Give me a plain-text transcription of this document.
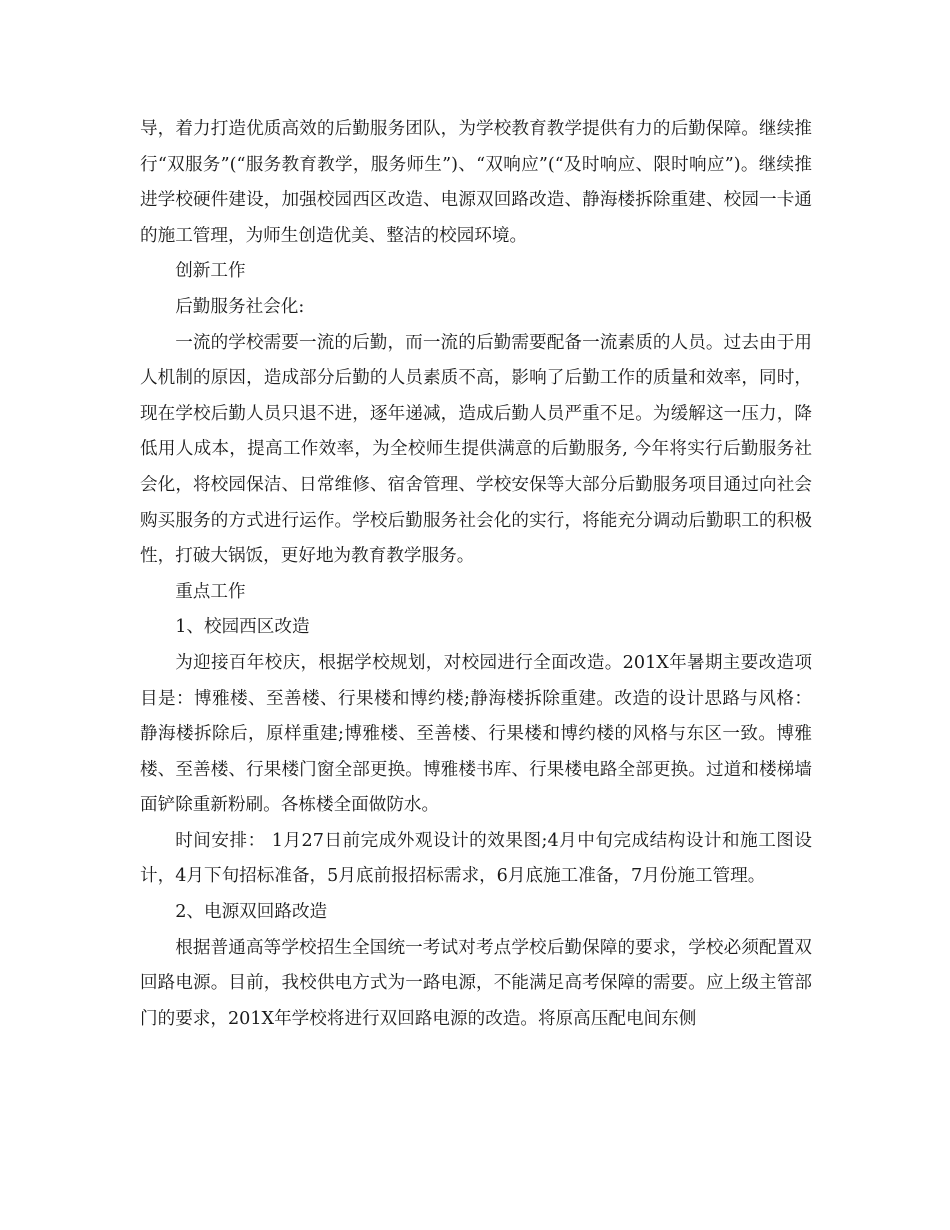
导，着力打造优质高效的后勤服务团队，为学校教育教学提供有力的后勤保障。继续推行“双服务”(“服务教育教学，服务师生”)、“双响应”(“及时响应、限时响应”)。继续推进学校硬件建设，加强校园西区改造、电源双回路改造、静海楼拆除重建、校园一卡通的施工管理，为师生创造优美、整洁的校园环境。

创新工作

后勤服务社会化:

一流的学校需要一流的后勤，而一流的后勤需要配备一流素质的人员。过去由于用人机制的原因，造成部分后勤的人员素质不高，影响了后勤工作的质量和效率，同时，现在学校后勤人员只退不进，逐年递减，造成后勤人员严重不足。为缓解这一压力，降低用人成本，提高工作效率，为全校师生提供满意的后勤服务, 今年将实行后勤服务社会化，将校园保洁、日常维修、宿舍管理、学校安保等大部分后勤服务项目通过向社会购买服务的方式进行运作。学校后勤服务社会化的实行，将能充分调动后勤职工的积极性，打破大锅饭，更好地为教育教学服务。

重点工作

1、校园西区改造

为迎接百年校庆，根据学校规划，对校园进行全面改造。201X年暑期主要改造项目是：博雅楼、至善楼、行果楼和博约楼;静海楼拆除重建。改造的设计思路与风格：静海楼拆除后，原样重建;博雅楼、至善楼、行果楼和博约楼的风格与东区一致。博雅楼、至善楼、行果楼门窗全部更换。博雅楼书库、行果楼电路全部更换。过道和楼梯墙面铲除重新粉刷。各栋楼全面做防水。

时间安排： 1月27日前完成外观设计的效果图;4月中旬完成结构设计和施工图设计，4月下旬招标准备，5月底前报招标需求，6月底施工准备，7月份施工管理。

2、电源双回路改造

根据普通高等学校招生全国统一考试对考点学校后勤保障的要求，学校必须配置双回路电源。目前，我校供电方式为一路电源，不能满足高考保障的需要。应上级主管部门的要求，201X年学校将进行双回路电源的改造。将原高压配电间东侧
